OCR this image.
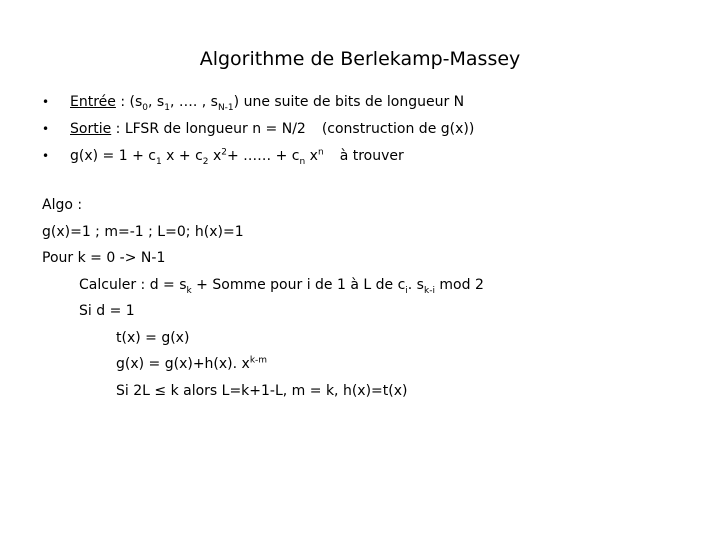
Algorithme de Berlekamp-Massey
• Entrée : ($s_0$, $s_1$, …. , $s_{N-1}$) une suite de bits de longueur N
• Sortie : LFSR de longueur n = N/2 (construction de g(x))
• $g(x) = 1 + c_1$ $x + c_2$ $x^2+$ …… + $c_n$ $x^n$ à trouver
Algo :
g(x)=1 ; m=-1 ; L=0; h(x)=1
Pour k = 0 -> N-1
Calculer : $d = s_k$ + Somme pour i de 1 à L de $c_i$. $s_{k-i}$ mod 2
Si d = 1
t(x) = g(x)
g(x) = g(x)+h(x). $x^{k-m}$
Si 2L ≤ k alors L=k+1-L, m = k, h(x)=t(x)
